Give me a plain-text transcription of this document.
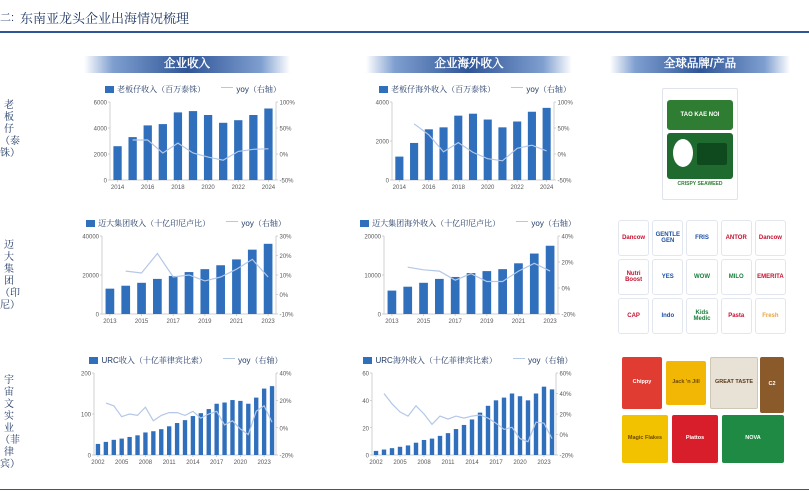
二: 东南亚龙头企业出海情况梳理
老板仔（泰铢）
迈大集团（印尼）
宇宙文实业（菲律宾）
企业收入	企业海外收入	全球品牌/产品
老板仔收入（百万泰铢）	yoy（右轴）
0
2000
4000
6000
-50%
0%
50%
100%
2014	2016	2018	2020	2022	2024
老板仔海外收入（百万泰铢）	yoy（右轴）
0
2000
4000
-50%
0%
50%
100%
2014	2016	2018	2020	2022	2024
迈大集团收入（十亿印尼卢比）	yoy（右轴）
0
20000
40000
-10%
0%
10%
20%
30%
2013	2015	2017	2019	2021	2023
迈大集团海外收入（十亿印尼卢比）	yoy（右轴）
0
10000
20000
-20%
0%
20%
40%
2013	2015	2017	2019	2021	2023
URC收入（十亿菲律宾比索）	yoy（右轴）
0
100
200
-20%
0%
20%
40%
2002 2005 2008 2011 2014 2017 2020 2023
URC海外收入（十亿菲律宾比索）	yoy（右轴）
0
20
40
60
-20%
0%
20%
40%
60%
2002 2005 2008 2011 2014 2017 2020 2023
TAO KAE NOI
CRISPY SEAWEED
Dancow
GENTLE GEN
FRIS	ANTOR	Dancow
Nutri Boost
YES	WOW	MILO	EMERITA
CAP	Indo
Kids Medic
Pasta	Fresh
Chippy	Jack 'n Jill	GREAT TASTE	C2
Magic Flakes	Piattos	NOVA
